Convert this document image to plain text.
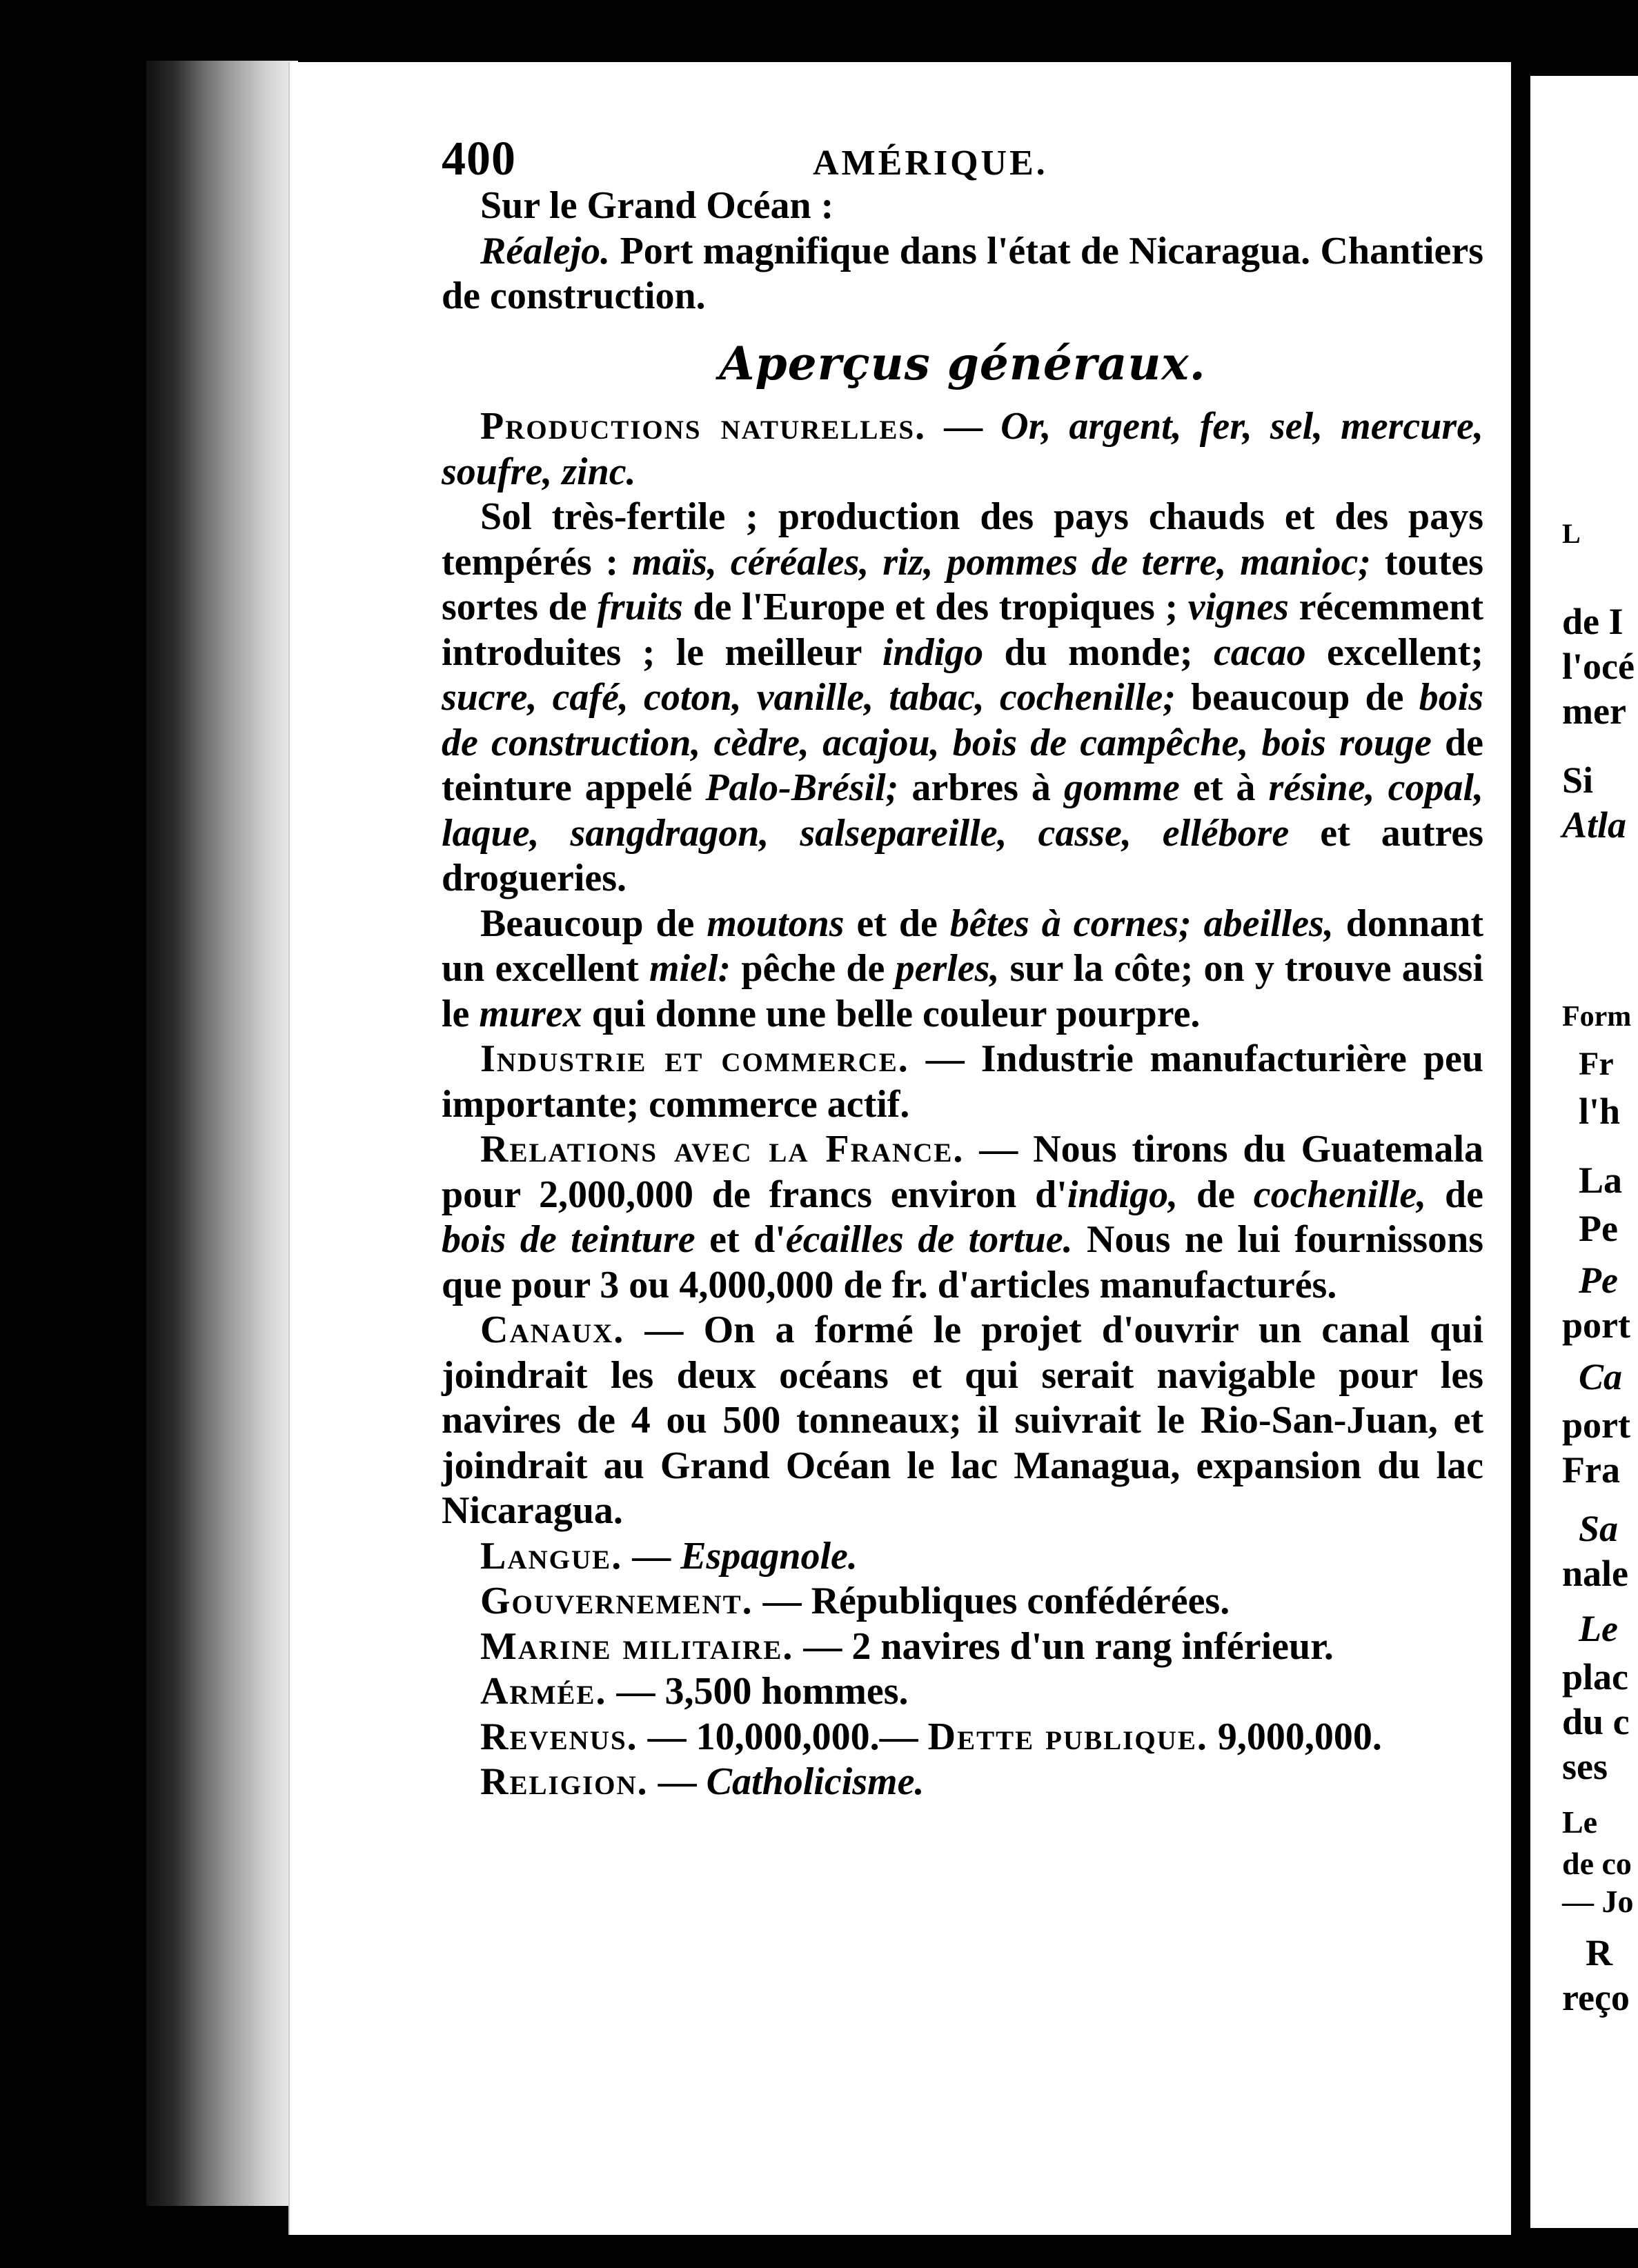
L

de I

l'océ

mer

Si

Atla

Form

Fr

l'h

La

Pe

Pe

port

Ca

port

Fra

Sa

nale

Le

plac

du c

ses

Le

de co

— Jo

R

reço

400	AMÉRIQUE.

Sur le Grand Océan :

Réalejo. Port magnifique dans l'état de Nicaragua. Chantiers de construction.

Aperçus généraux.

Productions naturelles. — Or, argent, fer, sel, mercure, soufre, zinc.

Sol très-fertile ; production des pays chauds et des pays tempérés : maïs, céréales, riz, pommes de terre, manioc; toutes sortes de fruits de l'Europe et des tropiques ; vignes récemment introduites ; le meilleur indigo du monde; cacao excellent; sucre, café, coton, vanille, tabac, cochenille; beaucoup de bois de construction, cèdre, acajou, bois de campêche, bois rouge de teinture appelé Palo-Brésil; arbres à gomme et à résine, copal, laque, sangdragon, salsepareille, casse, ellébore et autres drogueries.

Beaucoup de moutons et de bêtes à cornes; abeilles, donnant un excellent miel: pêche de perles, sur la côte; on y trouve aussi le murex qui donne une belle couleur pourpre.

Industrie et commerce. — Industrie manufacturière peu importante; commerce actif.

Relations avec la France. — Nous tirons du Guatemala pour 2,000,000 de francs environ d'indigo, de cochenille, de bois de teinture et d'écailles de tortue. Nous ne lui fournissons que pour 3 ou 4,000,000 de fr. d'articles manufacturés.

Canaux. — On a formé le projet d'ouvrir un canal qui joindrait les deux océans et qui serait navigable pour les navires de 4 ou 500 tonneaux; il suivrait le Rio-San-Juan, et joindrait au Grand Océan le lac Managua, expansion du lac Nicaragua.

Langue. — Espagnole.

Gouvernement. — Républiques confédérées.

Marine militaire. — 2 navires d'un rang inférieur.

Armée. — 3,500 hommes.

Revenus. — 10,000,000.— Dette publique. 9,000,000.

Religion. — Catholicisme.
